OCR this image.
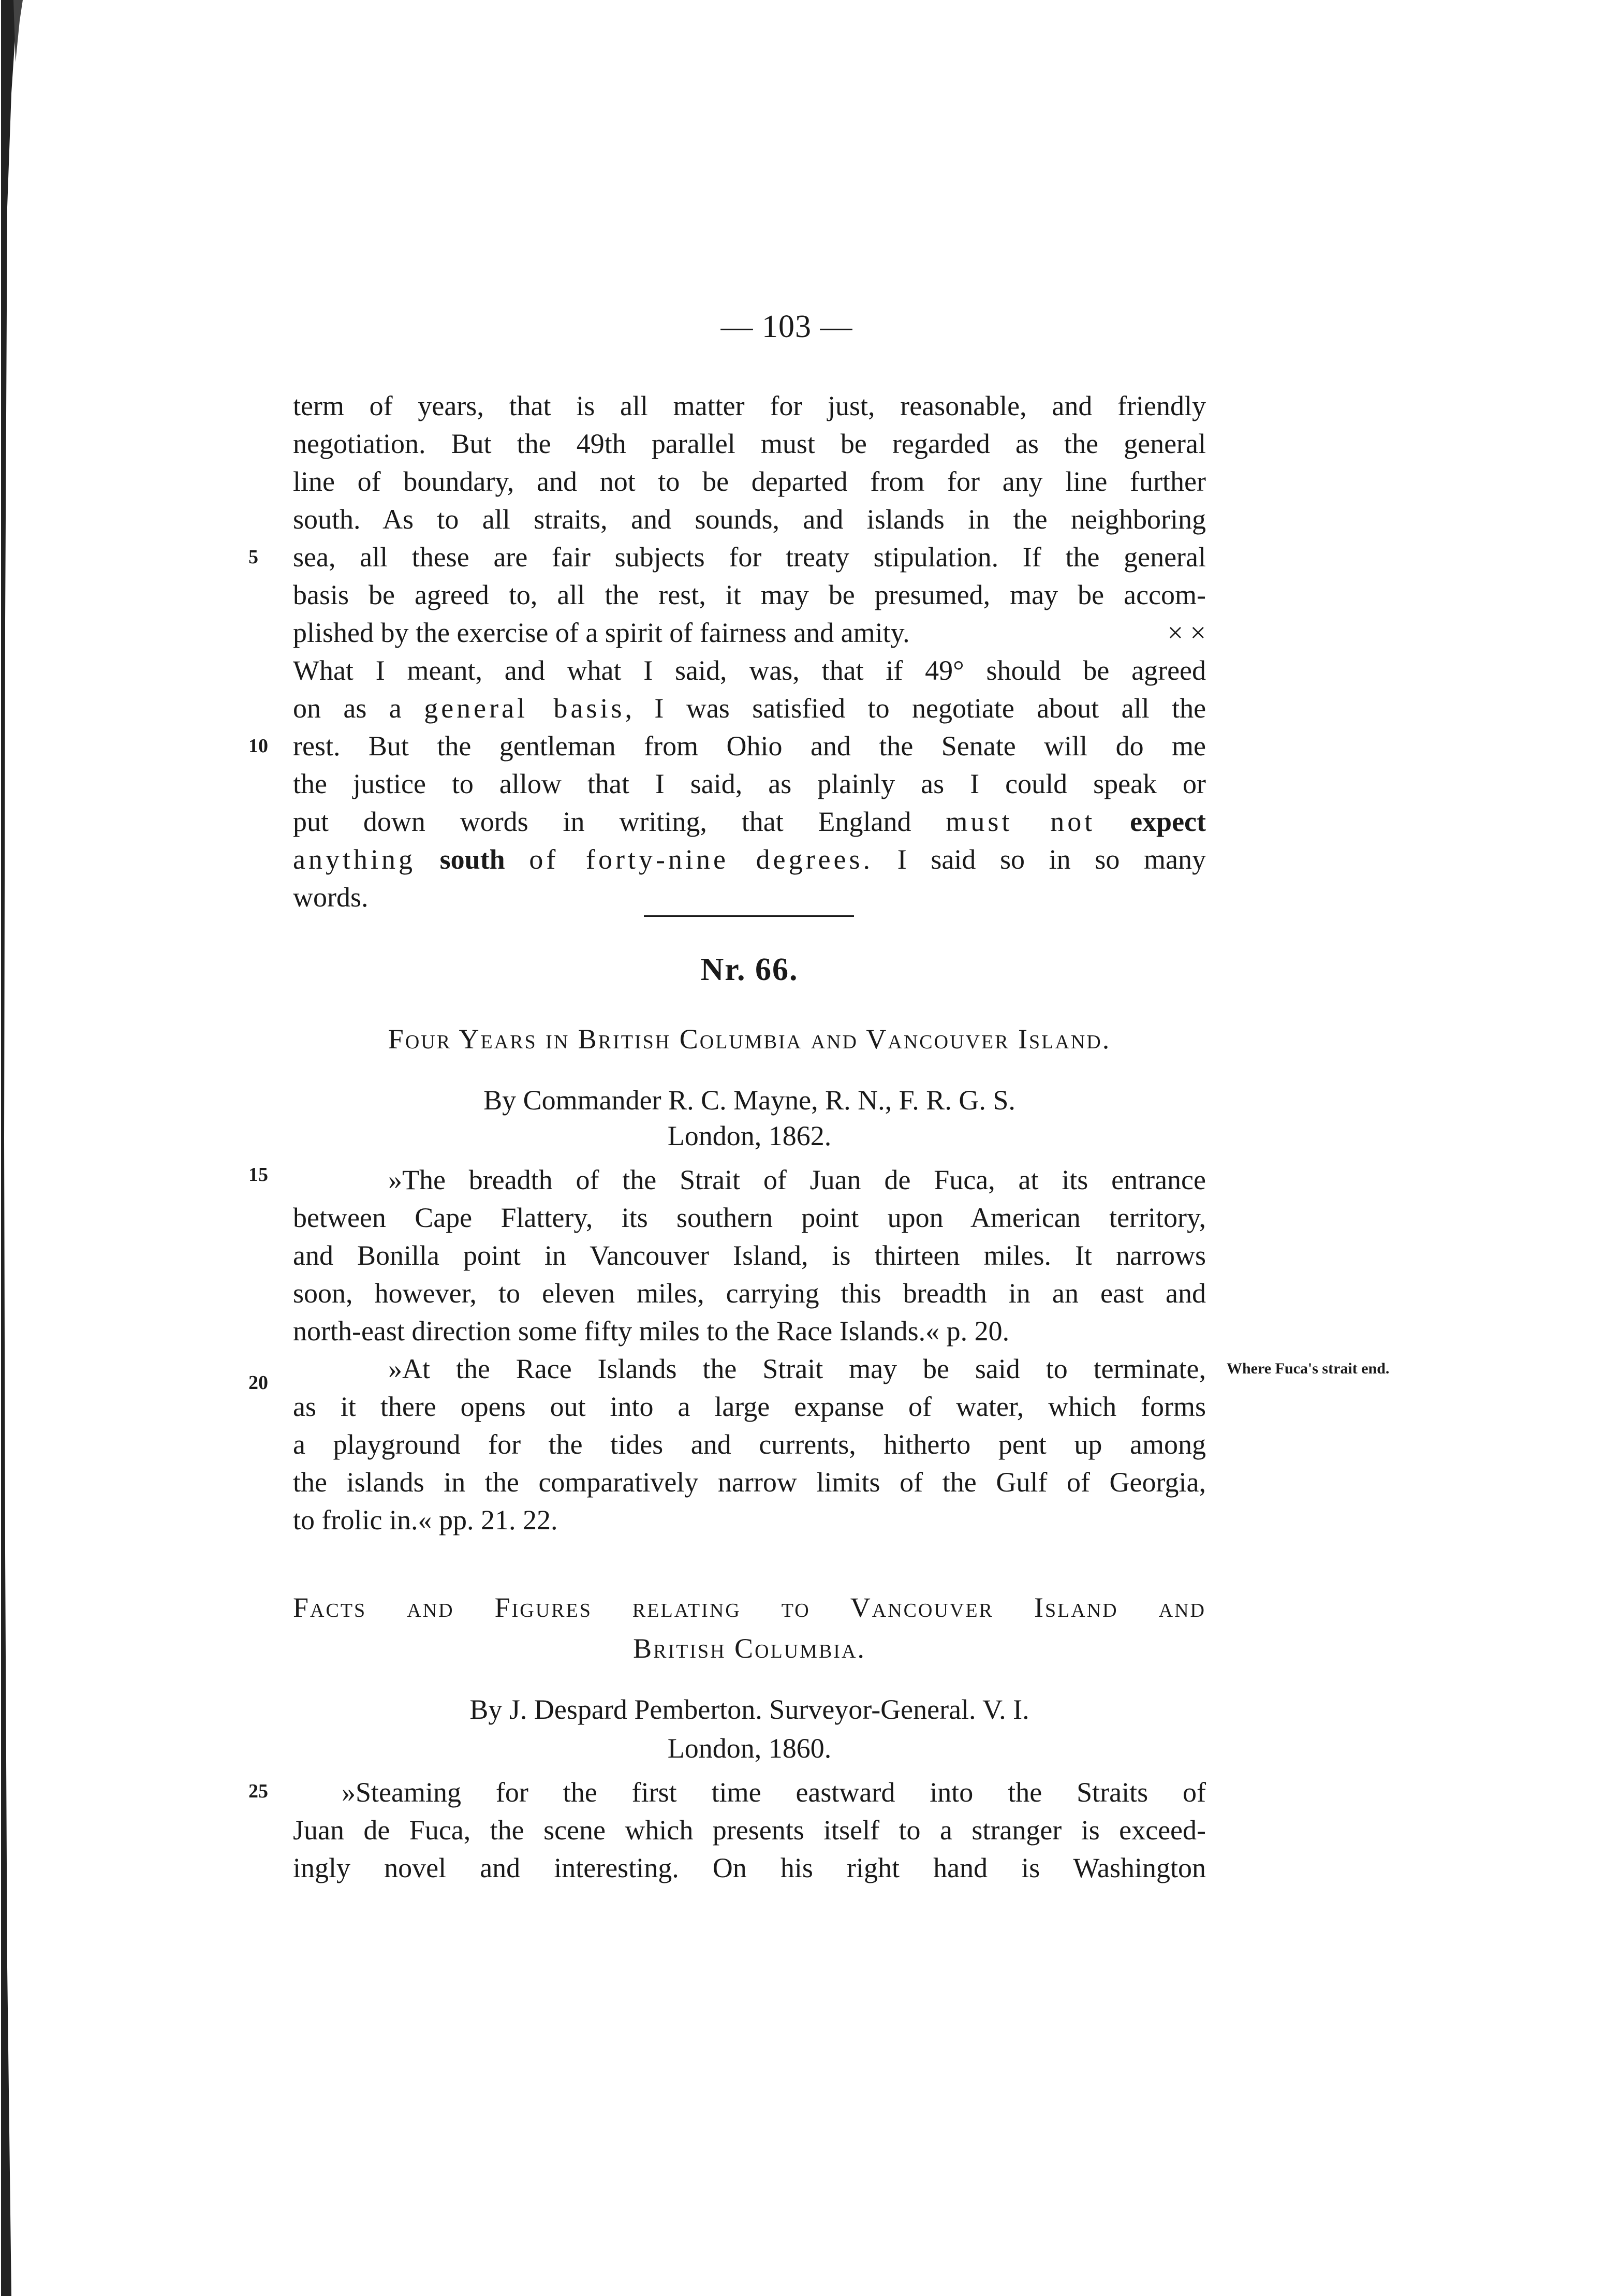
— 103 —
term of years, that is all matter for just, reasonable, and friendly
negotiation. But the 49th parallel must be regarded as the general
line of boundary, and not to be departed from for any line further
south. As to all straits, and sounds, and islands in the neighboring
sea, all these are fair subjects for treaty stipulation. If the general
basis be agreed to, all the rest, it may be presumed, may be accom-
plished by the exercise of a spirit of fairness and amity.	× ×
What I meant, and what I said, was, that if 49° should be agreed
on as a general basis, I was satisfied to negotiate about all the
rest. But the gentleman from Ohio and the Senate will do me
the justice to allow that I said, as plainly as I could speak or
put down words in writing, that England must not expect
anything south of forty-nine degrees. I said so in so many
words.
5
10
15
20
25
Nr. 66.
Four Years in British Columbia and Vancouver Island.
By Commander R. C. Mayne, R. N., F. R. G. S.
London, 1862.
»The breadth of the Strait of Juan de Fuca, at its entrance
between Cape Flattery, its southern point upon American territory,
and Bonilla point in Vancouver Island, is thirteen miles. It narrows
soon, however, to eleven miles, carrying this breadth in an east and
north-east direction some fifty miles to the Race Islands.« p. 20.
»At the Race Islands the Strait may be said to terminate,
as it there opens out into a large expanse of water, which forms
a playground for the tides and currents, hitherto pent up among
the islands in the comparatively narrow limits of the Gulf of Georgia,
to frolic in.« pp. 21. 22.
Where Fuca's strait end.
Facts and Figures relating to Vancouver Island and
British Columbia.
By J. Despard Pemberton. Surveyor-General. V. I.
London, 1860.
»Steaming for the first time eastward into the Straits of
Juan de Fuca, the scene which presents itself to a stranger is exceed-
ingly novel and interesting. On his right hand is Washington
